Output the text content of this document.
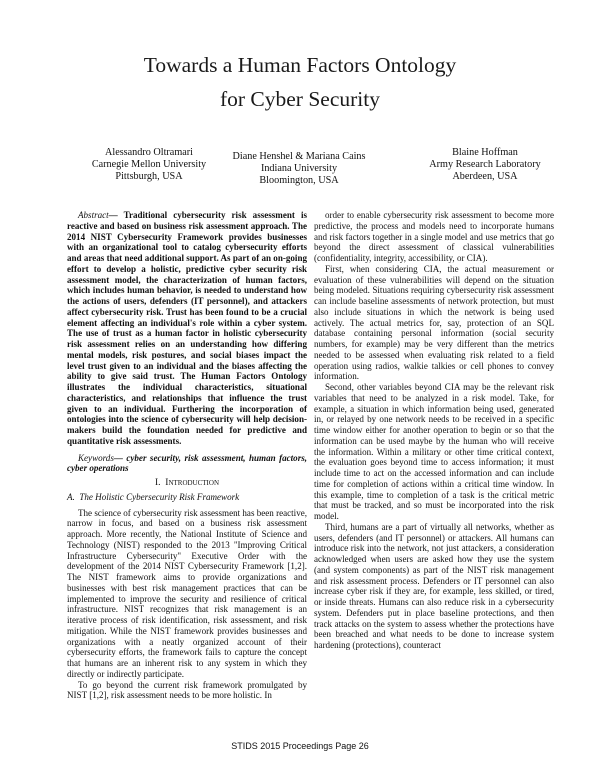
Towards a Human Factors Ontology
for Cyber Security
Alessandro Oltramari
Carnegie Mellon University
Pittsburgh, USA
Diane Henshel & Mariana Cains
Indiana University
Bloomington, USA
Blaine Hoffman
Army Research Laboratory
Aberdeen, USA

Abstract— Traditional cybersecurity risk assessment is reactive and based on business risk assessment approach. The 2014 NIST Cybersecurity Framework provides businesses with an organizational tool to catalog cybersecurity efforts and areas that need additional support. As part of an on-going effort to develop a holistic, predictive cyber security risk assessment model, the characterization of human factors, which includes human behavior, is needed to understand how the actions of users, defenders (IT personnel), and attackers affect cybersecurity risk. Trust has been found to be a crucial element affecting an individual's role within a cyber system. The use of trust as a human factor in holistic cybersecurity risk assessment relies on an understanding how differing mental models, risk postures, and social biases impact the level trust given to an individual and the biases affecting the ability to give said trust. The Human Factors Ontology illustrates the individual characteristics, situational characteristics, and relationships that influence the trust given to an individual. Furthering the incorporation of ontologies into the science of cybersecurity will help decision-makers build the foundation needed for predictive and quantitative risk assessments.

Keywords— cyber security, risk assessment, human factors, cyber operations

I. Introduction
A. The Holistic Cybersecurity Risk Framework

The science of cybersecurity risk assessment has been reactive, narrow in focus, and based on a business risk assessment approach. More recently, the National Institute of Science and Technology (NIST) responded to the 2013 "Improving Critical Infrastructure Cybersecurity" Executive Order with the development of the 2014 NIST Cybersecurity Framework [1,2]. The NIST framework aims to provide organizations and businesses with best risk management practices that can be implemented to improve the security and resilience of critical infrastructure. NIST recognizes that risk management is an iterative process of risk identification, risk assessment, and risk mitigation. While the NIST framework provides businesses and organizations with a neatly organized account of their cybersecurity efforts, the framework fails to capture the concept that humans are an inherent risk to any system in which they directly or indirectly participate.

To go beyond the current risk framework promulgated by NIST [1,2], risk assessment needs to be more holistic. In

order to enable cybersecurity risk assessment to become more predictive, the process and models need to incorporate humans and risk factors together in a single model and use metrics that go beyond the direct assessment of classical vulnerabilities (confidentiality, integrity, accessibility, or CIA).

First, when considering CIA, the actual measurement or evaluation of these vulnerabilities will depend on the situation being modeled. Situations requiring cybersecurity risk assessment can include baseline assessments of network protection, but must also include situations in which the network is being used actively. The actual metrics for, say, protection of an SQL database containing personal information (social security numbers, for example) may be very different than the metrics needed to be assessed when evaluating risk related to a field operation using radios, walkie talkies or cell phones to convey information.

Second, other variables beyond CIA may be the relevant risk variables that need to be analyzed in a risk model. Take, for example, a situation in which information being used, generated in, or relayed by one network needs to be received in a specific time window either for another operation to begin or so that the information can be used maybe by the human who will receive the information. Within a military or other time critical context, the evaluation goes beyond time to access information; it must include time to act on the accessed information and can include time for completion of actions within a critical time window. In this example, time to completion of a task is the critical metric that must be tracked, and so must be incorporated into the risk model.

Third, humans are a part of virtually all networks, whether as users, defenders (and IT personnel) or attackers. All humans can introduce risk into the network, not just attackers, a consideration acknowledged when users are asked how they use the system (and system components) as part of the NIST risk management and risk assessment process. Defenders or IT personnel can also increase cyber risk if they are, for example, less skilled, or tired, or inside threats. Humans can also reduce risk in a cybersecurity system. Defenders put in place baseline protections, and then track attacks on the system to assess whether the protections have been breached and what needs to be done to increase system hardening (protections), counteract

STIDS 2015 Proceedings Page 26
